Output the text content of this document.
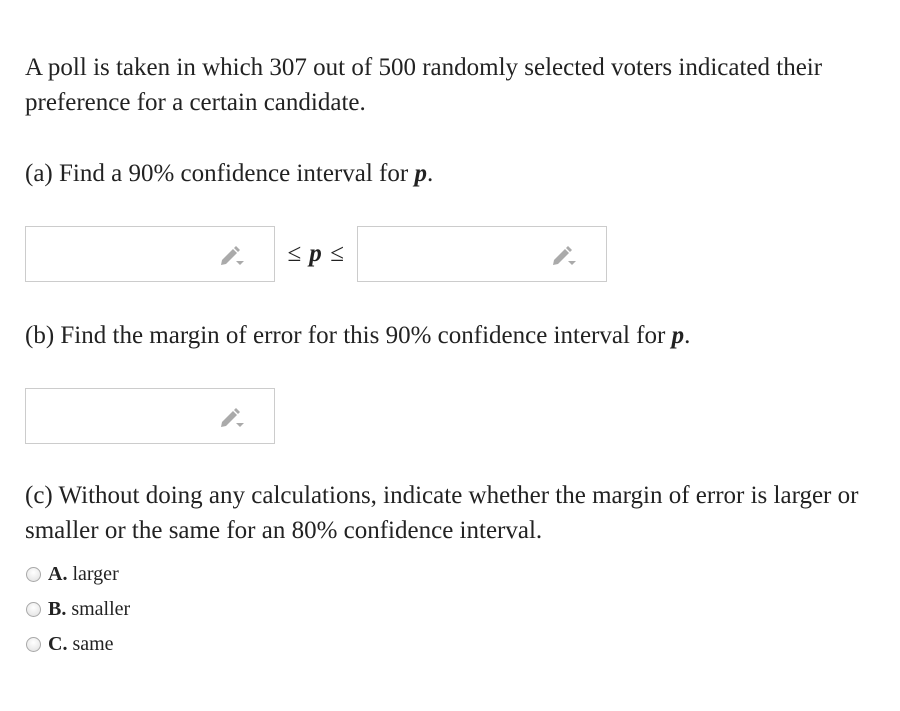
A poll is taken in which 307 out of 500 randomly selected voters indicated their preference for a certain candidate.

(a) Find a 90% confidence interval for p.

≤ p ≤

(b) Find the margin of error for this 90% confidence interval for p.

(c) Without doing any calculations, indicate whether the margin of error is larger or smaller or the same for an 80% confidence interval.

A. larger
B. smaller
C. same
